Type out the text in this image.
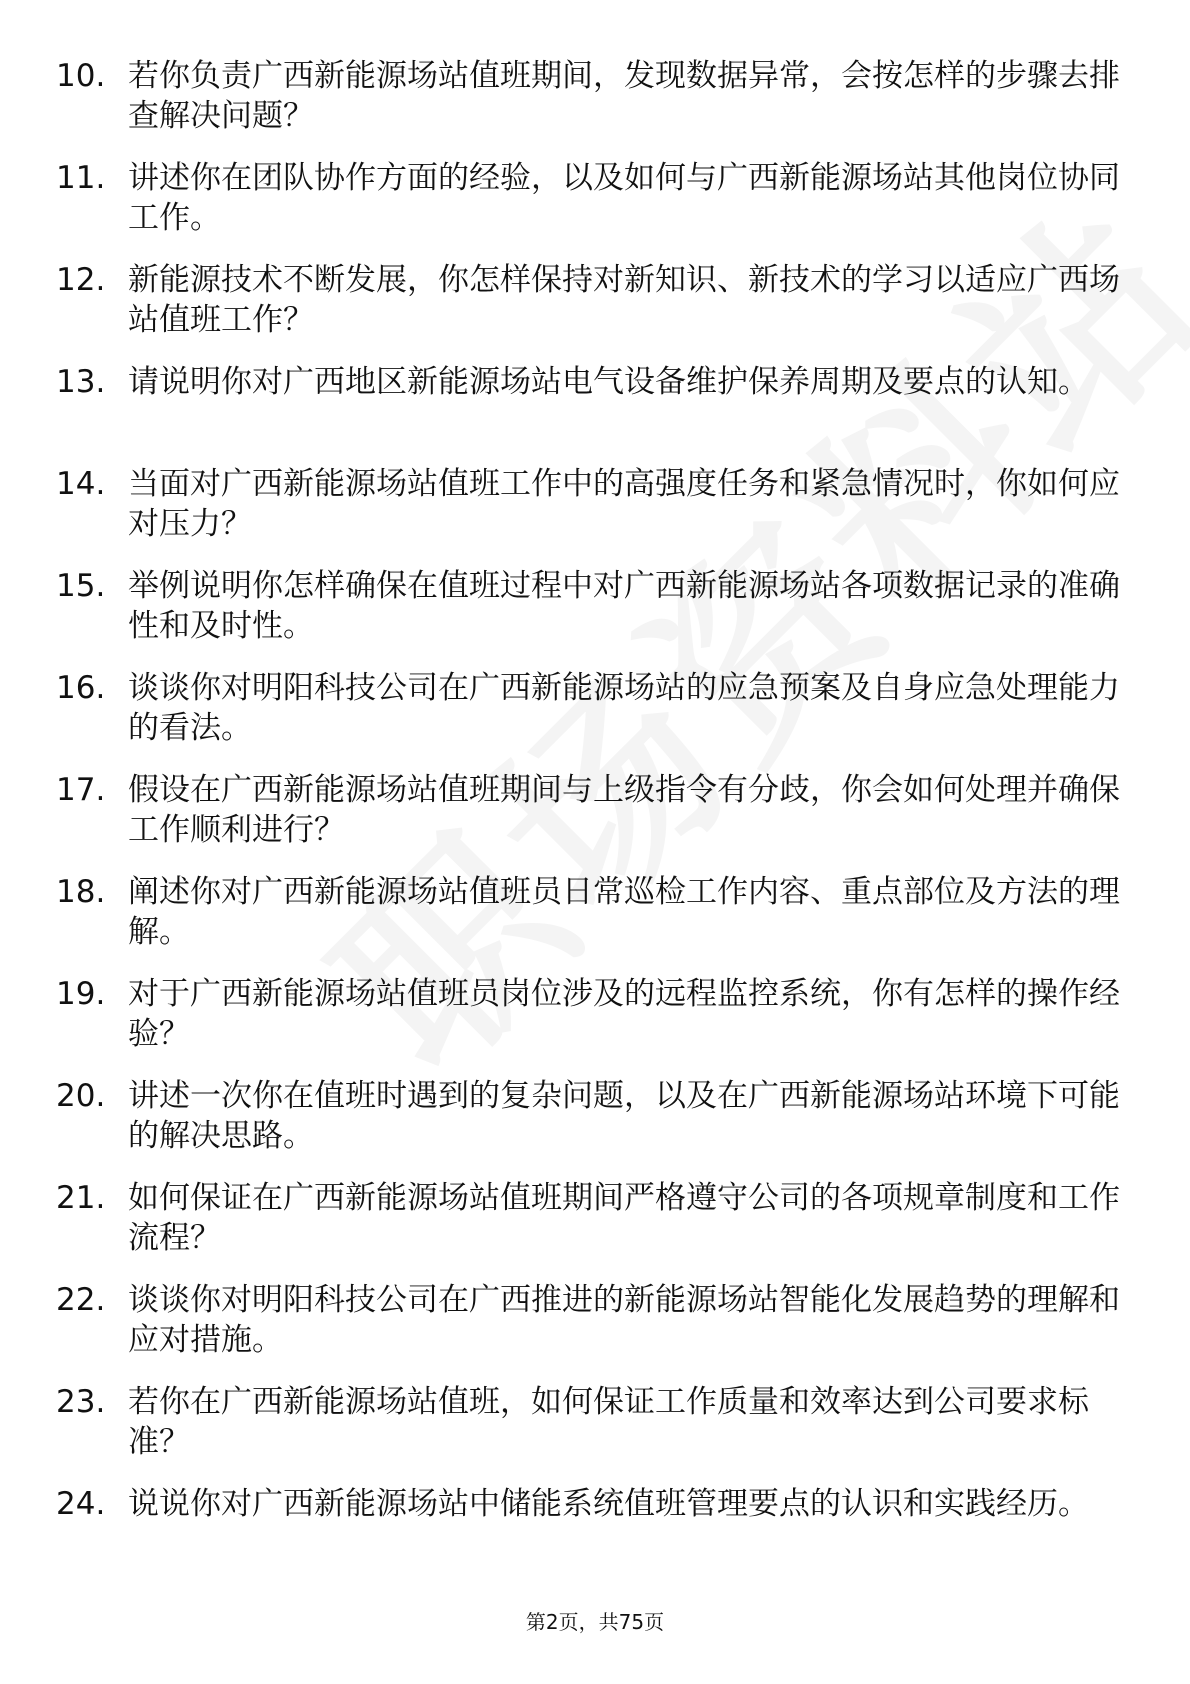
10. 若你负责广西新能源场站值班期间，发现数据异常，会按怎样的步骤去排查解决问题？
11. 讲述你在团队协作方面的经验，以及如何与广西新能源场站其他岗位协同工作。
12. 新能源技术不断发展，你怎样保持对新知识、新技术的学习以适应广西场站值班工作？
13. 请说明你对广西地区新能源场站电气设备维护保养周期及要点的认知。
14. 当面对广西新能源场站值班工作中的高强度任务和紧急情况时，你如何应对压力？
15. 举例说明你怎样确保在值班过程中对广西新能源场站各项数据记录的准确性和及时性。
16. 谈谈你对明阳科技公司在广西新能源场站的应急预案及自身应急处理能力的看法。
17. 假设在广西新能源场站值班期间与上级指令有分歧，你会如何处理并确保工作顺利进行？
18. 阐述你对广西新能源场站值班员日常巡检工作内容、重点部位及方法的理解。
19. 对于广西新能源场站值班员岗位涉及的远程监控系统，你有怎样的操作经验？
20. 讲述一次你在值班时遇到的复杂问题，以及在广西新能源场站环境下可能的解决思路。
21. 如何保证在广西新能源场站值班期间严格遵守公司的各项规章制度和工作流程？
22. 谈谈你对明阳科技公司在广西推进的新能源场站智能化发展趋势的理解和应对措施。
23. 若你在广西新能源场站值班，如何保证工作质量和效率达到公司要求标准？
24. 说说你对广西新能源场站中储能系统值班管理要点的认识和实践经历。
第2页，共75页
